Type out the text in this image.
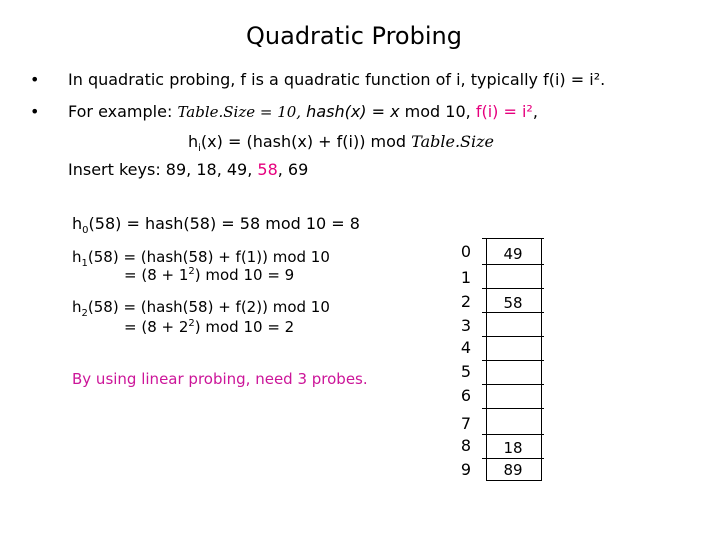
Quadratic Probing
• In quadratic probing, f is a quadratic function of i, typically f(i) = i².
• For example: Table.Size = 10, hash(x) = x mod 10, f(i) = i²,
$h_i(x)$ = (hash(x) + f(i)) mod Table.Size
Insert keys: 89, 18, 49, 58, 69
$h_0(58)$ = hash(58) = 58 mod 10 = 8
$h_1(58)$ = (hash(58) + f(1)) mod 10
= $(8 + 1^2)$ mod 10 = 9
$h_2(58)$ = (hash(58) + f(2)) mod 10
= $(8 + 2^2)$ mod 10 = 2
By using linear probing, need 3 probes.
0
1
2
3
4
5
6
7
8
9
49
58
18
89
